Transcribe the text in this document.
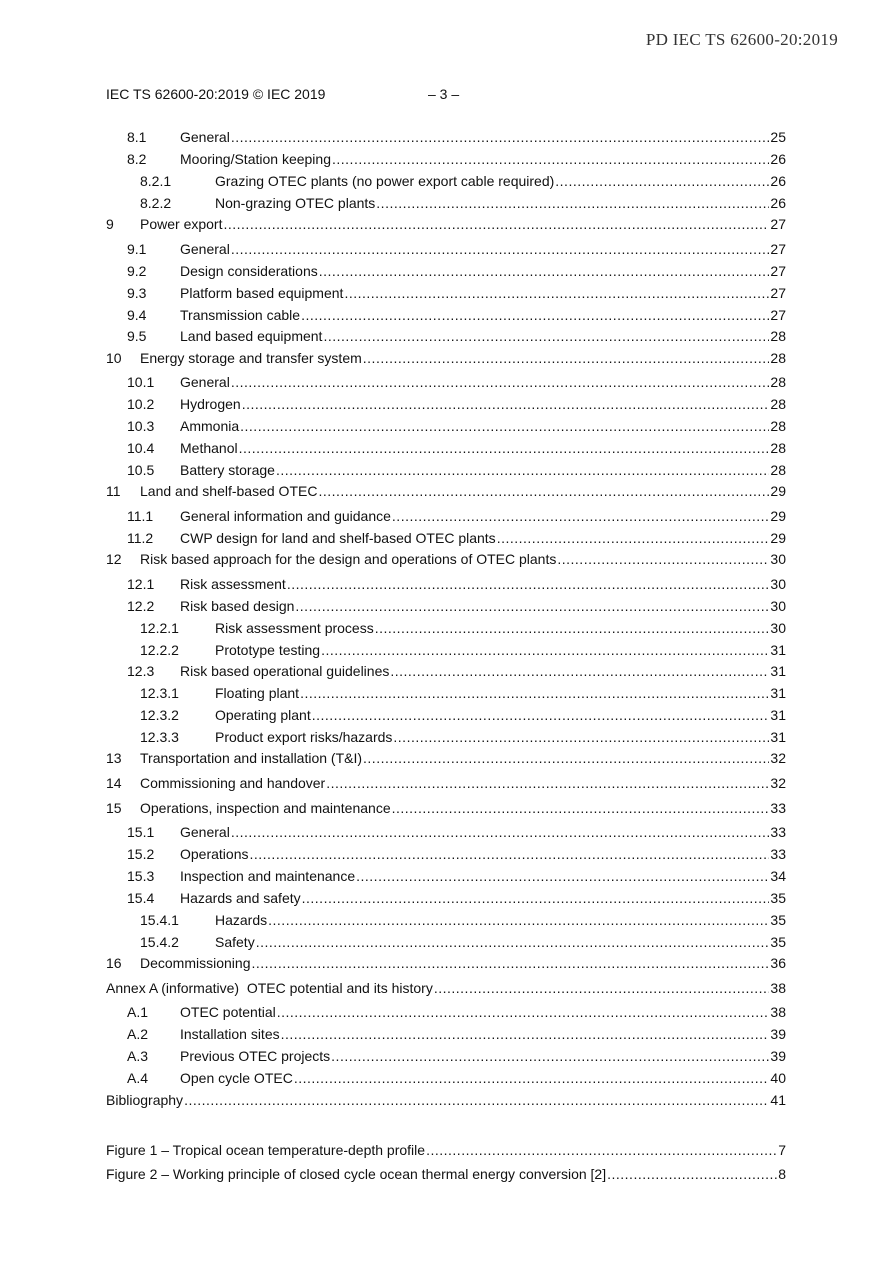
PD IEC TS 62600-20:2019
IEC TS 62600-20:2019 © IEC 2019	– 3 –
8.1	General .....	25
8.2	Mooring/Station keeping .....	26
8.2.1	Grazing OTEC plants (no power export cable required) .....	26
8.2.2	Non-grazing OTEC plants .....	26
9	Power export .....	27
9.1	General .....	27
9.2	Design considerations .....	27
9.3	Platform based equipment .....	27
9.4	Transmission cable .....	27
9.5	Land based equipment .....	28
10	Energy storage and transfer system .....	28
10.1	General .....	28
10.2	Hydrogen .....	28
10.3	Ammonia .....	28
10.4	Methanol .....	28
10.5	Battery storage .....	28
11	Land and shelf-based OTEC .....	29
11.1	General information and guidance .....	29
11.2	CWP design for land and shelf-based OTEC plants .....	29
12	Risk based approach for the design and operations of OTEC plants .....	30
12.1	Risk assessment .....	30
12.2	Risk based design .....	30
12.2.1	Risk assessment process .....	30
12.2.2	Prototype testing .....	31
12.3	Risk based operational guidelines .....	31
12.3.1	Floating plant .....	31
12.3.2	Operating plant .....	31
12.3.3	Product export risks/hazards .....	31
13	Transportation and installation (T&I) .....	32
14	Commissioning and handover .....	32
15	Operations, inspection and maintenance .....	33
15.1	General .....	33
15.2	Operations .....	33
15.3	Inspection and maintenance .....	34
15.4	Hazards and safety .....	35
15.4.1	Hazards .....	35
15.4.2	Safety .....	35
16	Decommissioning .....	36
Annex A (informative) OTEC potential and its history .....	38
A.1	OTEC potential .....	38
A.2	Installation sites .....	39
A.3	Previous OTEC projects .....	39
A.4	Open cycle OTEC .....	40
Bibliography .....	41
Figure 1 – Tropical ocean temperature-depth profile .....	7
Figure 2 – Working principle of closed cycle ocean thermal energy conversion [2] .....	8
